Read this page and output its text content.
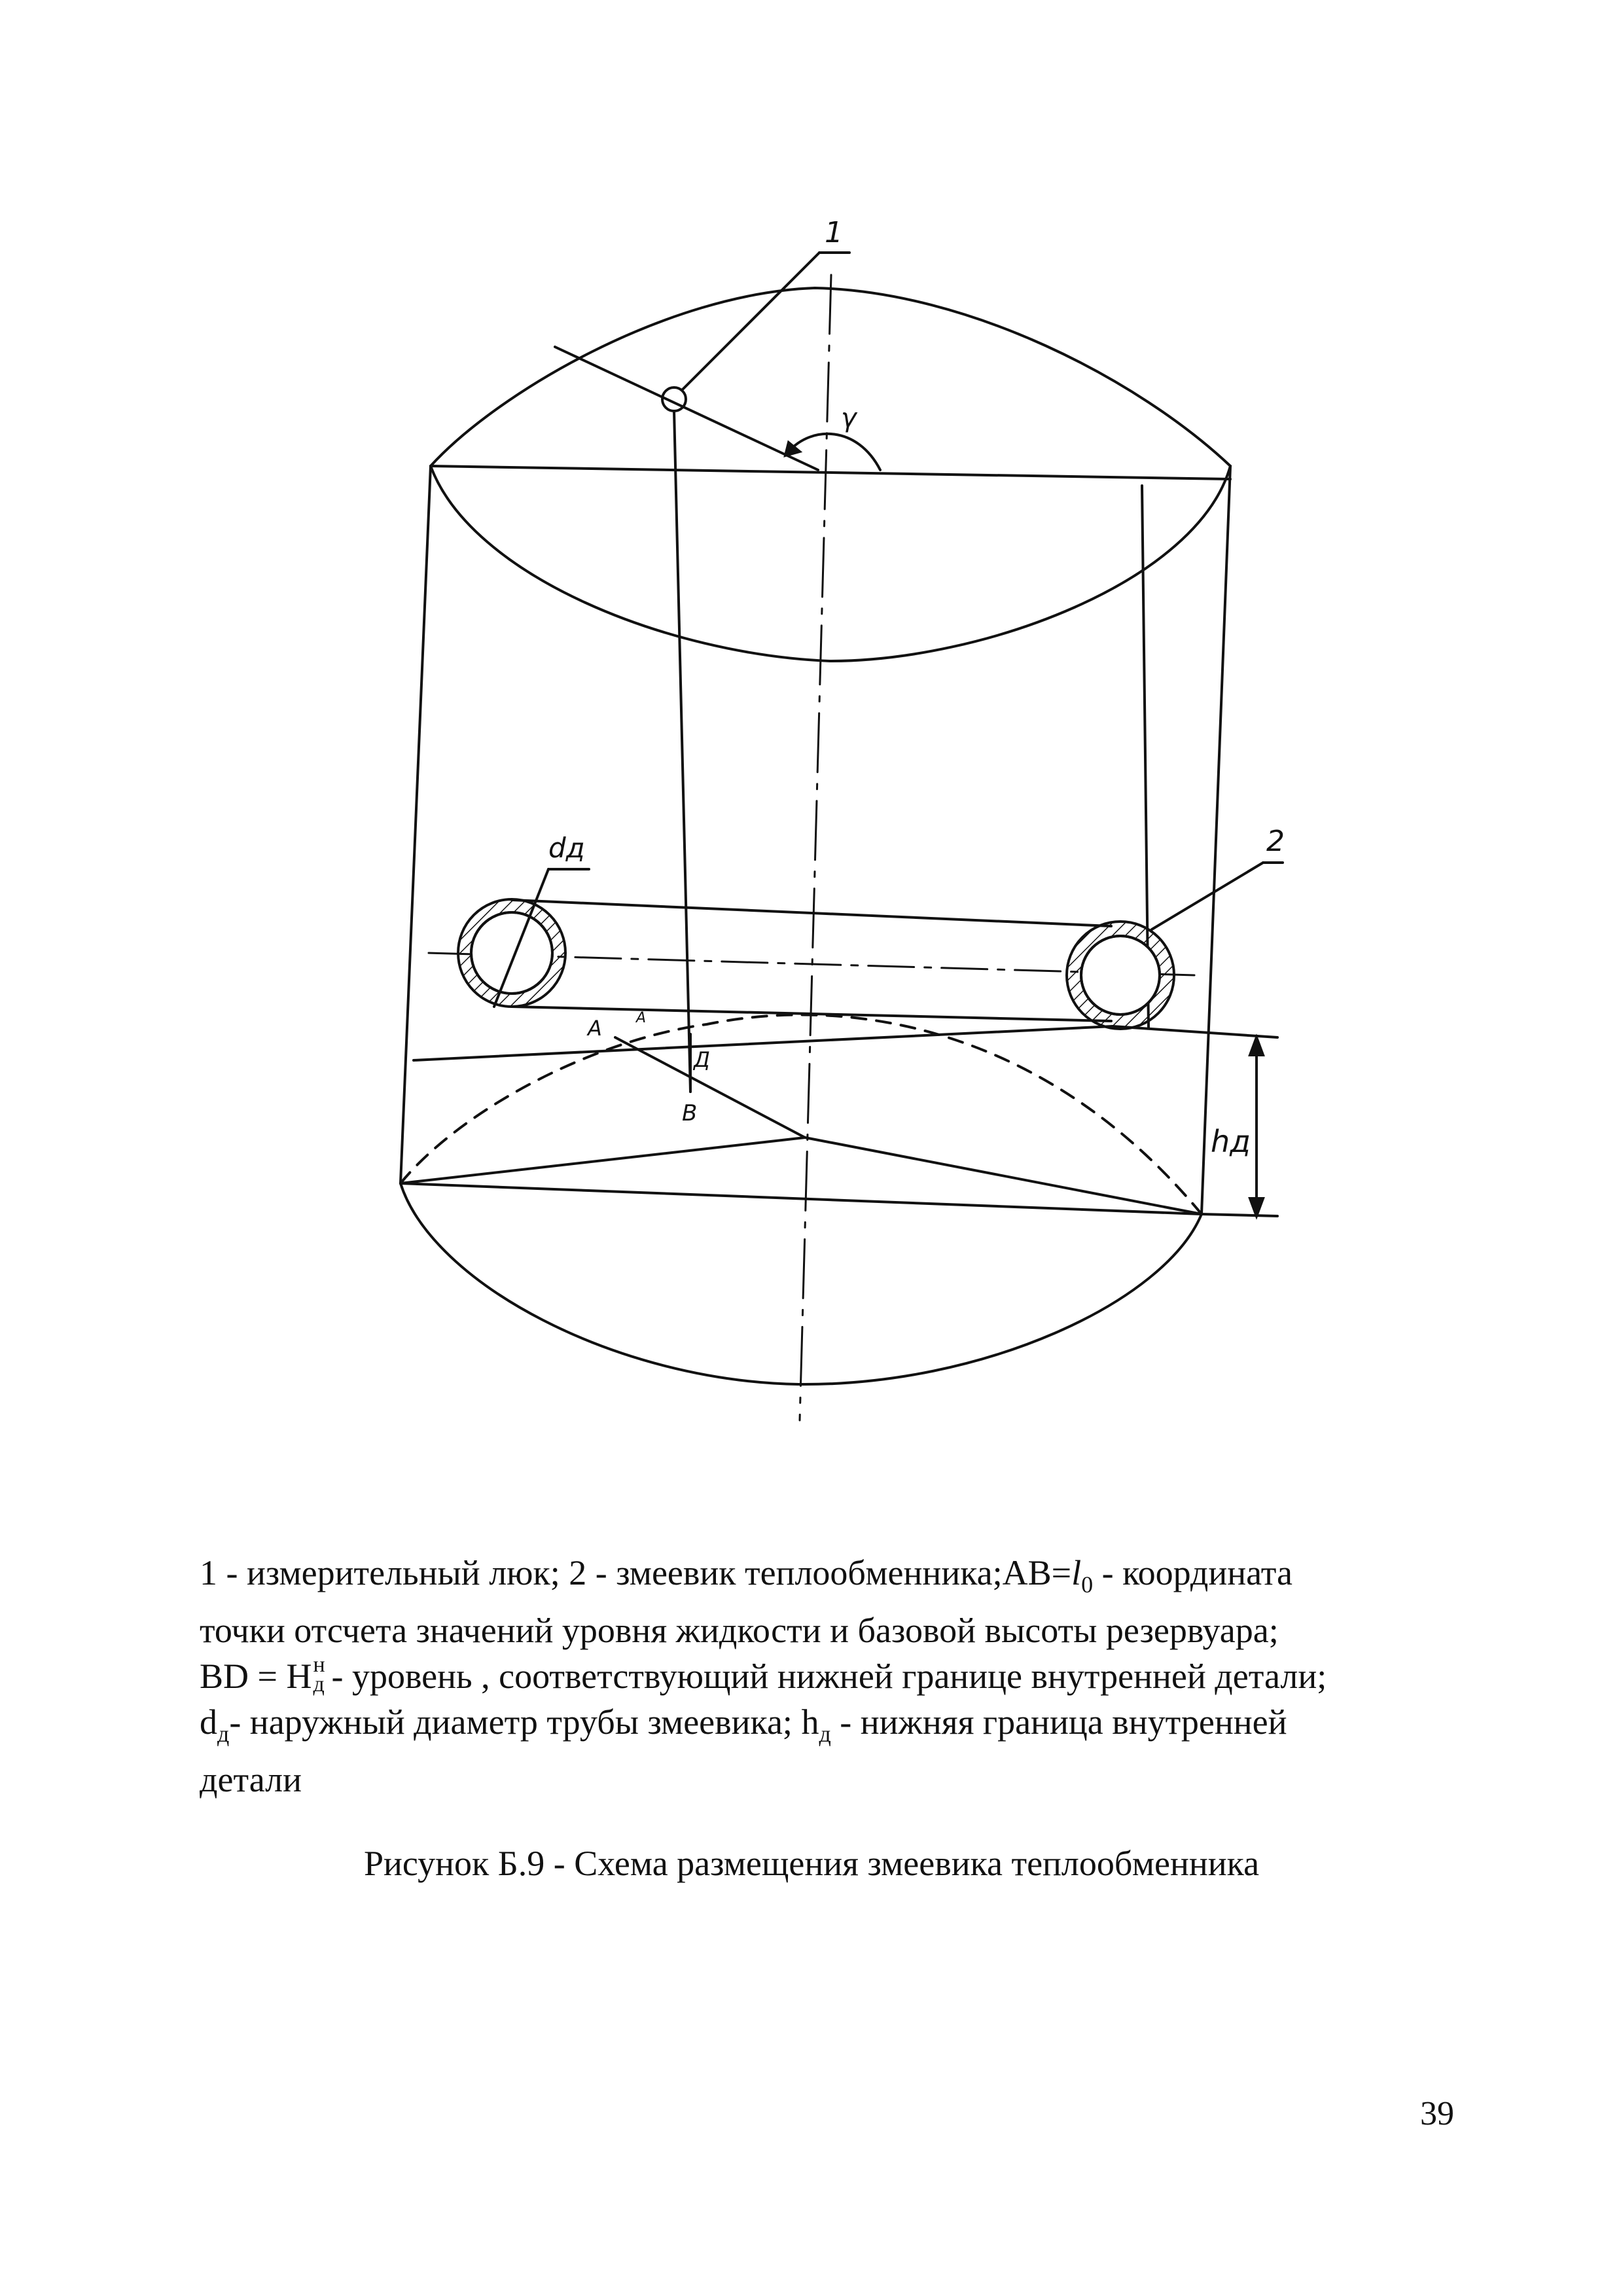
1
γ
2
dд
hд
A A
Д
B
1 - измерительный люк; 2 - змеевик $теплообменника;AB=l_0$ - координата
точки отсчета значений уровня жидкости и базовой высоты резервуара;
BD = H н
д - уровень , соответствующий нижней границе внутренней детали;
$d_д-$ наружный диаметр трубы змеевика; $h_д$ - нижняя граница внутренней
детали
Рисунок Б.9 - Схема размещения змеевика теплообменника
39
